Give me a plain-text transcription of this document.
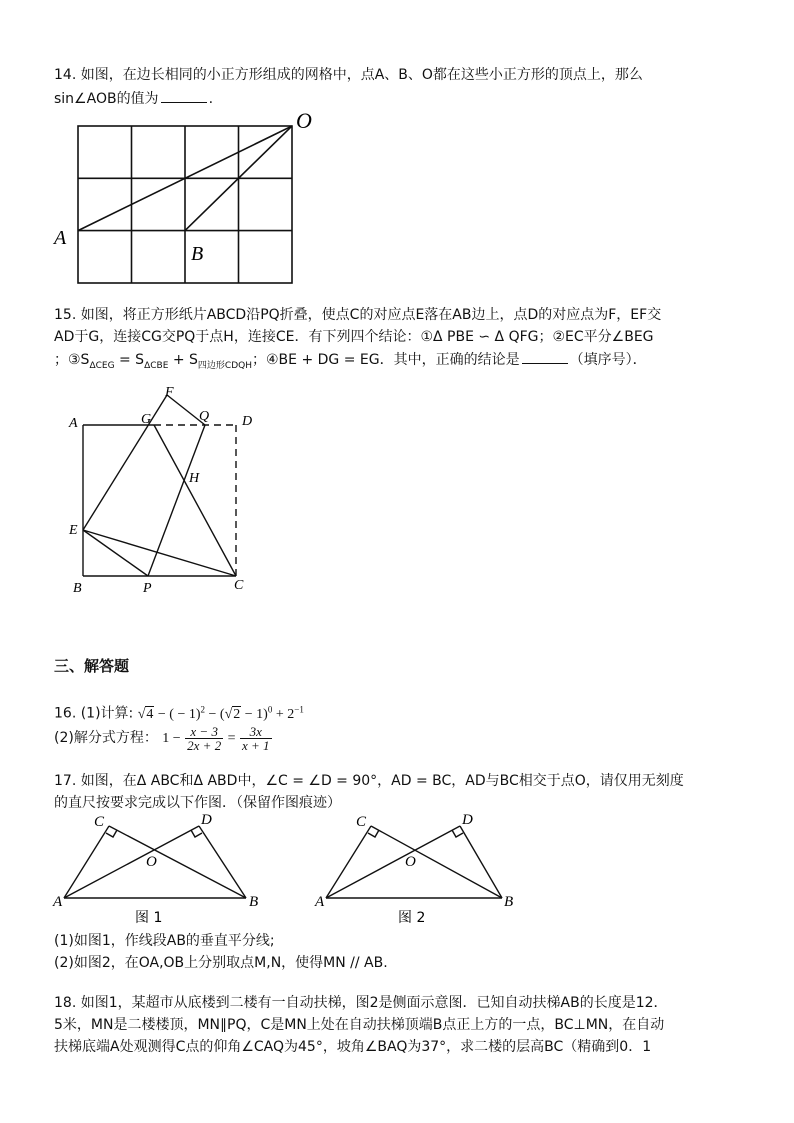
14. 如图，在边长相同的小正方形组成的网格中，点A、B、O都在这些小正方形的顶点上，那么
sin∠AOB的值为	.
O
A
B
15. 如图，将正方形纸片ABCD沿PQ折叠，使点C的对应点E落在AB边上，点D的对应点为F，EF交
AD于G，连接CG交PQ于点H，连接CE．有下列四个结论：①Δ PBE ∽ Δ QFG；②EC平分∠BEG
；$③S_{\Delta CEG} = S_{\Delta CBE} + S_{四边形CDQH}$；④BE + DG = EG．其中，正确的结论是	（填序号）．
F
A	G	Q D
H
E
B	P	C
三、解答题
16. (1)计算: √4 − ( − $1)^2 - (√2 - 1)^0 + 2^{-1}$
(2)解分式方程： $1 - \frac{x - 3}{2x + 2} = \frac{3x}{x + 1}$
17. 如图，在Δ ABC和Δ ABD中，∠C = ∠D = 90°，AD = BC，AD与BC相交于点O，请仅用无刻度
的直尺按要求完成以下作图．（保留作图痕迹）
C	D
O
A	B
C	D
O
A	B
图 1	图 2
(1)如图1，作线段AB的垂直平分线;
(2)如图2，在OA,OB上分别取点M,N，使得MN // AB.
18. 如图1，某超市从底楼到二楼有一自动扶梯，图2是侧面示意图．已知自动扶梯AB的长度是12．
5米，MN是二楼楼顶，MN∥PQ，C是MN上处在自动扶梯顶端B点正上方的一点，BC⊥MN，在自动
扶梯底端A处观测得C点的仰角∠CAQ为45°，坡角∠BAQ为37°，求二楼的层高BC（精确到0．1
